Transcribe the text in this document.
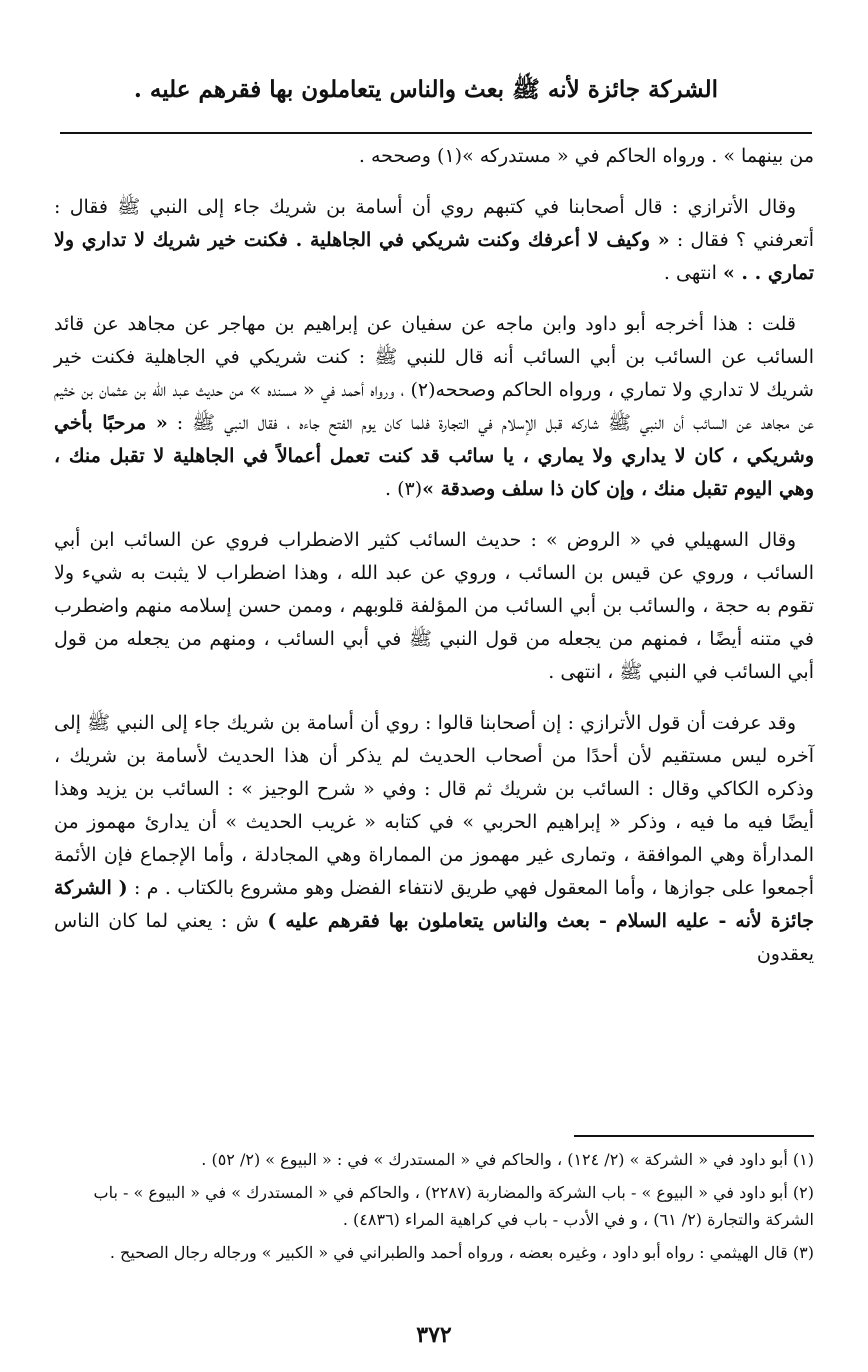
الشركة جائزة لأنه ﷺ بعث والناس يتعاملون بها فقرهم عليه .

من بينهما » . ورواه الحاكم في « مستدركه »(١) وصححه .

وقال الأترازي : قال أصحابنا في كتبهم روي أن أسامة بن شريك جاء إلى النبي ﷺ فقال : أتعرفني ؟ فقال : « وكيف لا أعرفك وكنت شريكي في الجاهلية . فكنت خير شريك لا تداري ولا تماري . . » انتهى .

قلت : هذا أخرجه أبو داود وابن ماجه عن سفيان عن إبراهيم بن مهاجر عن مجاهد عن قائد السائب عن السائب بن أبي السائب أنه قال للنبي ﷺ : كنت شريكي في الجاهلية فكنت خير شريك لا تداري ولا تماري ، ورواه الحاكم وصححه(٢) ، ورواه أحمد في « مسنده » من حديث عبد الله بن عثمان بن خثيم عن مجاهد عن السائب أن النبي ﷺ شاركه قبل الإسلام في التجارة فلما كان يوم الفتح جاءه ، فقال النبي ﷺ : « مرحبًا بأخي وشريكي ، كان لا يداري ولا يماري ، يا سائب قد كنت تعمل أعمالاً في الجاهلية لا تقبل منك ، وهي اليوم تقبل منك ، وإن كان ذا سلف وصدقة »(٣) .

وقال السهيلي في « الروض » : حديث السائب كثير الاضطراب فروي عن السائب ابن أبي السائب ، وروي عن قيس بن السائب ، وروي عن عبد الله ، وهذا اضطراب لا يثبت به شيء ولا تقوم به حجة ، والسائب بن أبي السائب من المؤلفة قلوبهم ، وممن حسن إسلامه منهم واضطرب في متنه أيضًا ، فمنهم من يجعله من قول النبي ﷺ في أبي السائب ، ومنهم من يجعله من قول أبي السائب في النبي ﷺ ، انتهى .

وقد عرفت أن قول الأترازي : إن أصحابنا قالوا : روي أن أسامة بن شريك جاء إلى النبي ﷺ إلى آخره ليس مستقيم لأن أحدًا من أصحاب الحديث لم يذكر أن هذا الحديث لأسامة بن شريك ، وذكره الكاكي وقال : السائب بن شريك ثم قال : وفي « شرح الوجيز » : السائب بن يزيد وهذا أيضًا فيه ما فيه ، وذكر « إبراهيم الحربي » في كتابه « غريب الحديث » أن يدارئ مهموز من المدارأة وهي الموافقة ، وتمارى غير مهموز من المماراة وهي المجادلة ، وأما الإجماع فإن الأئمة أجمعوا على جوازها ، وأما المعقول فهي طريق لانتفاء الفضل وهو مشروع بالكتاب . م : ( الشركة جائزة لأنه - عليه السلام - بعث والناس يتعاملون بها فقرهم عليه ) ش : يعني لما كان الناس يعقدون

(١) أبو داود في « الشركة » (٢/ ١٢٤) ، والحاكم في « المستدرك » في : « البيوع » (٢/ ٥٢) .

(٢) أبو داود في « البيوع » - باب الشركة والمضاربة (٢٢٨٧) ، والحاكم في « المستدرك » في « البيوع » - باب الشركة والتجارة (٢/ ٦١) ، و في الأدب - باب في كراهية المراء (٤٨٣٦) .

(٣) قال الهيثمي : رواه أبو داود ، وغيره بعضه ، ورواه أحمد والطبراني في « الكبير » ورجاله رجال الصحيح .

٣٧٢
